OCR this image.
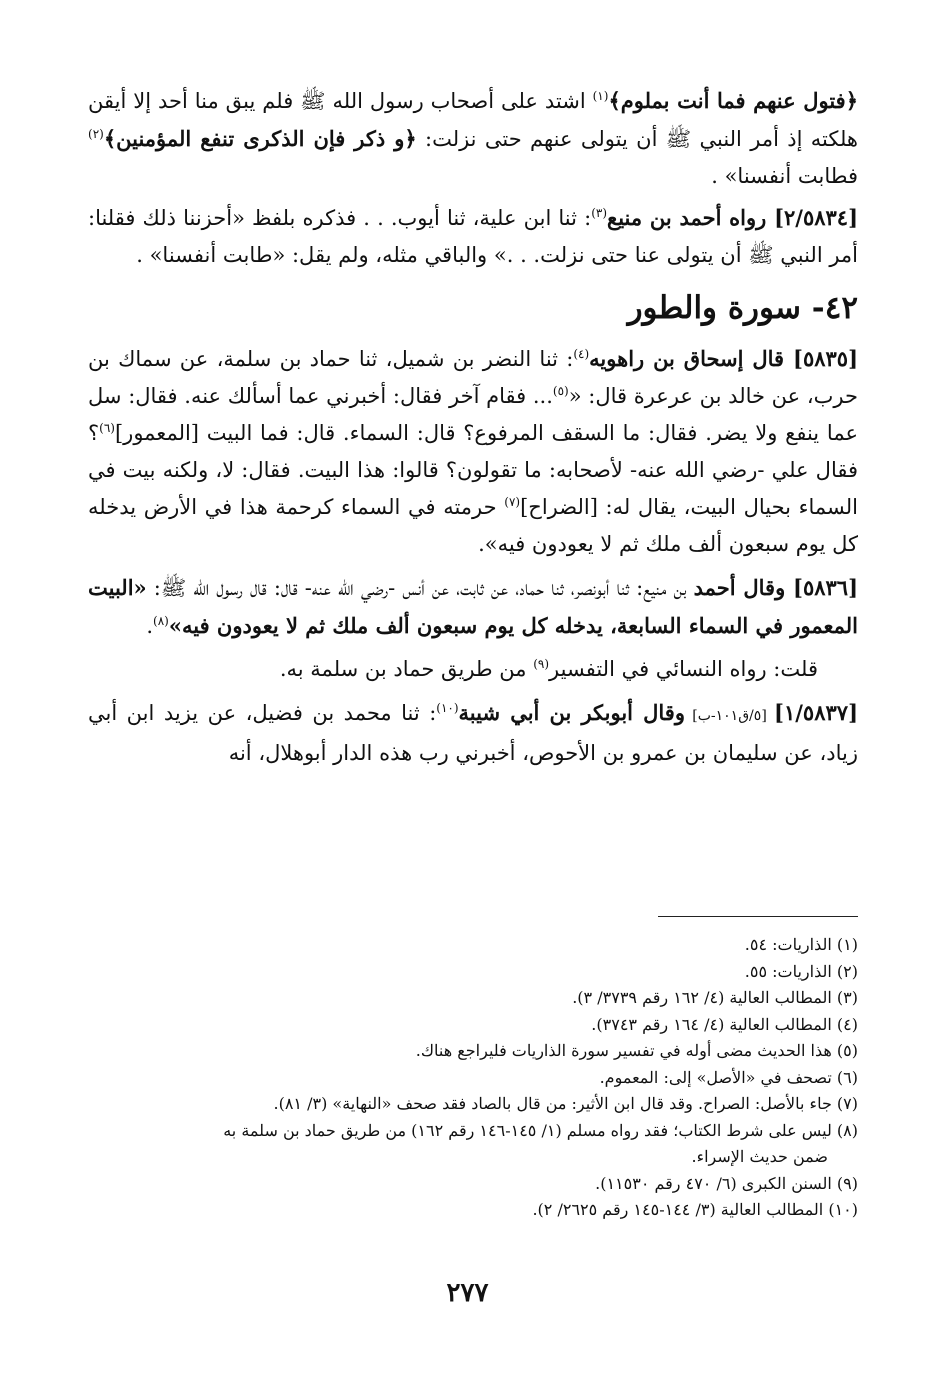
﴿فتول عنهم فما أنت بملوم﴾$^{(١)}$ اشتد على أصحاب رسول الله ﷺ فلم يبق منا أحد إلا أيقن هلكته إذ أمر النبي ﷺ أن يتولى عنهم حتى نزلت: ﴿و ذكر فإن الذكرى تنفع المؤمنين﴾$^{(٢)}$ فطابت أنفسنا» .

[٢/٥٨٣٤] رواه أحمد بن منيع$^{(٣)}$: ثنا ابن علية، ثنا أيوب. . . فذكره بلفظ «أحزننا ذلك فقلنا: أمر النبي ﷺ أن يتولى عنا حتى نزلت. . .» والباقي مثله، ولم يقل: «طابت أنفسنا» .

٤٢- سورة والطور

[٥٨٣٥] قال إسحاق بن راهويه$^{(٤)}$: ثنا النضر بن شميل، ثنا حماد بن سلمة، عن سماك بن حرب، عن خالد بن عرعرة قال: «$^{(٥)}$... فقام آخر فقال: أخبرني عما أسألك عنه. فقال: سل عما ينفع ولا يضر. فقال: ما السقف المرفوع؟ قال: السماء. قال: فما البيت [المعمور]$^{(٦)}$؟ فقال علي -رضي الله عنه- لأصحابه: ما تقولون؟ قالوا: هذا البيت. فقال: لا، ولكنه بيت في السماء بحيال البيت، يقال له: [الضراح]$^{(٧)}$ حرمته في السماء كرحمة هذا في الأرض يدخله كل يوم سبعون ألف ملك ثم لا يعودون فيه».

[٥٨٣٦] وقال أحمد بن منيع: ثنا أبونصر، ثنا حماد، عن ثابت، عن أنس -رضي الله عنه- قال: قال رسول الله ﷺ: «البيت المعمور في السماء السابعة، يدخله كل يوم سبعون ألف ملك ثم لا يعودون فيه»$^{(٨)}$.

قلت: رواه النسائي في التفسير$^{(٩)}$ من طريق حماد بن سلمة به.

[١/٥٨٣٧] [٥/ق١٠١-ب] وقال أبوبكر بن أبي شيبة$^{(١٠)}$: ثنا محمد بن فضيل، عن يزيد ابن أبي زياد، عن سليمان بن عمرو بن الأحوص، أخبرني رب هذه الدار أبوهلال، أنه

(١) الذاريات: ٥٤.

(٢) الذاريات: ٥٥.

(٣) المطالب العالية (٤/ ١٦٢ رقم ٣٧٣٩/ ٣).

(٤) المطالب العالية (٤/ ١٦٤ رقم ٣٧٤٣).

(٥) هذا الحديث مضى أوله في تفسير سورة الذاريات فليراجع هناك.

(٦) تصحف في «الأصل» إلى: المعموم.

(٧) جاء بالأصل: الصراح. وقد قال ابن الأثير: من قال بالصاد فقد صحف «النهاية» (٣/ ٨١).

(٨) ليس على شرط الكتاب؛ فقد رواه مسلم (١/ ١٤٥-١٤٦ رقم ١٦٢) من طريق حماد بن سلمة به

ضمن حديث الإسراء.

(٩) السنن الكبرى (٦/ ٤٧٠ رقم ١١٥٣٠).

(١٠) المطالب العالية (٣/ ١٤٤-١٤٥ رقم ٢٦٢٥/ ٢).

٢٧٧
